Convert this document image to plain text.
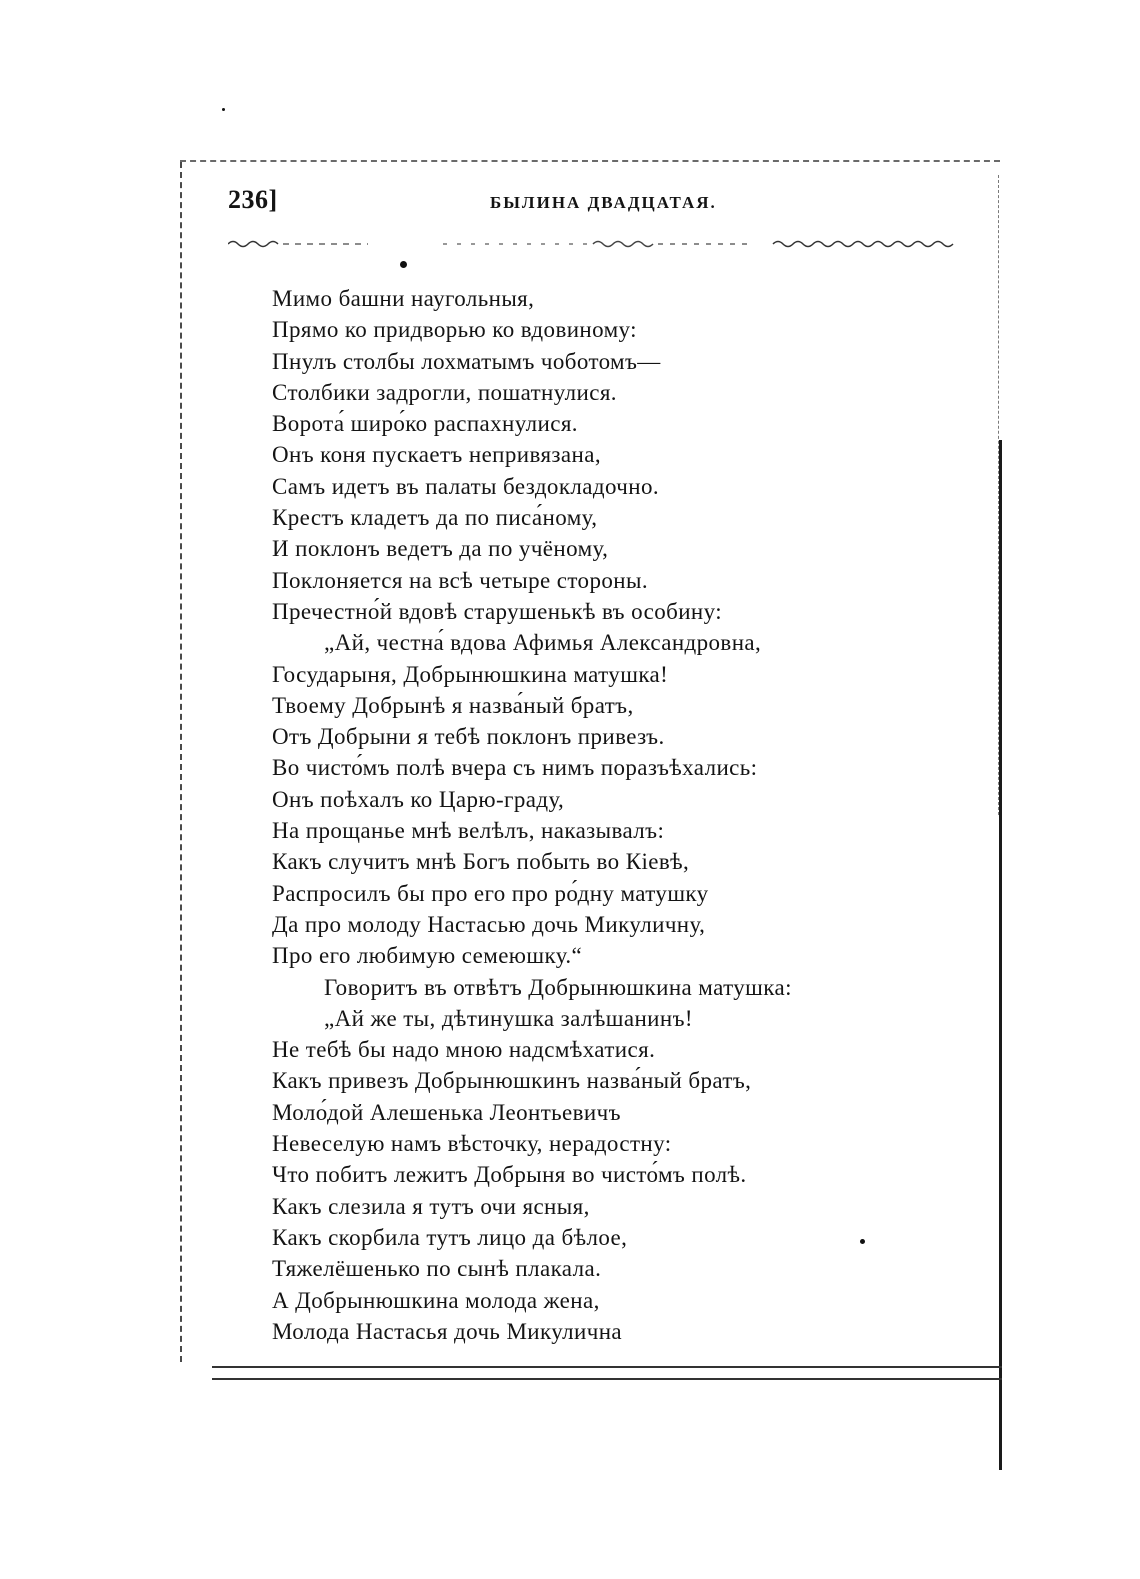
236]	БЫЛИНА ДВАДЦАТАЯ.
Мимо башни наугольныя,
Прямо ко придворью ко вдовиному:
Пнулъ столбы лохматымъ чоботомъ—
Столбики задрогли, пошатнулися.
Ворота́ широ́ко распахнулися.
Онъ коня пускаетъ непривязана,
Самъ идетъ въ палаты бездокладочно.
Крестъ кладетъ да по писа́ному,
И поклонъ ведетъ да по учёному,
Поклоняется на всѣ четыре стороны.
Пречестно́й вдовѣ старушенькѣ въ особину:
„Ай, честна́ вдова Афимья Александровна,
Государыня, Добрынюшкина матушка!
Твоему Добрынѣ я назва́ный братъ,
Отъ Добрыни я тебѣ поклонъ привезъ.
Во чисто́мъ полѣ вчера съ нимъ поразъѣхались:
Онъ поѣхалъ ко Царю-граду,
На прощанье мнѣ велѣлъ, наказывалъ:
Какъ случитъ мнѣ Богъ побыть во Кіевѣ,
Распросилъ бы про его про ро́дну матушку
Да про молоду Настасью дочь Микуличну,
Про его любимую семеюшку.“
Говоритъ въ отвѣтъ Добрынюшкина матушка:
„Ай же ты, дѣтинушка залѣшанинъ!
Не тебѣ бы надо мною надсмѣхатися.
Какъ привезъ Добрынюшкинъ назва́ный братъ,
Моло́дой Алешенька Леонтьевичъ
Невеселую намъ вѣсточку, нерадостну:
Что побитъ лежитъ Добрыня во чисто́мъ полѣ.
Какъ слезила я тутъ очи ясныя,
Какъ скорбила тутъ лицо да бѣлое,
Тяжелёшенько по сынѣ плакала.
А Добрынюшкина молода жена,
Молода Настасья дочь Микулична
